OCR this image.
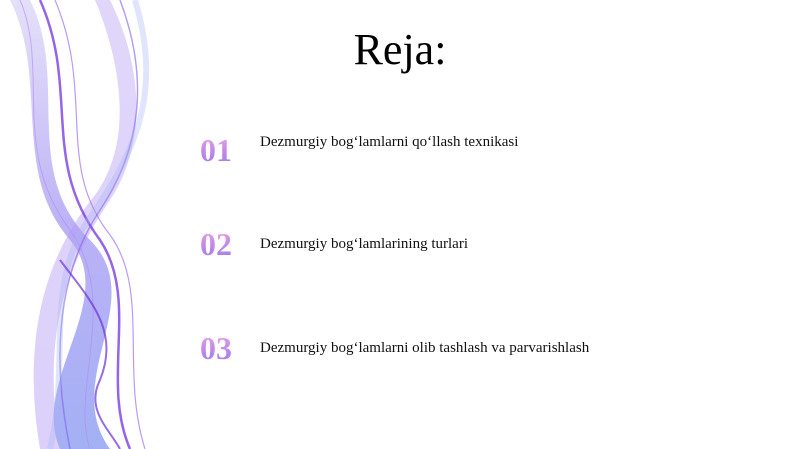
Reja:
01 Dezmurgiy bog‘lamlarni qo‘llash texnikasi
02 Dezmurgiy bog‘lamlarining turlari
03 Dezmurgiy bog‘lamlarni olib tashlash va parvarishlash
